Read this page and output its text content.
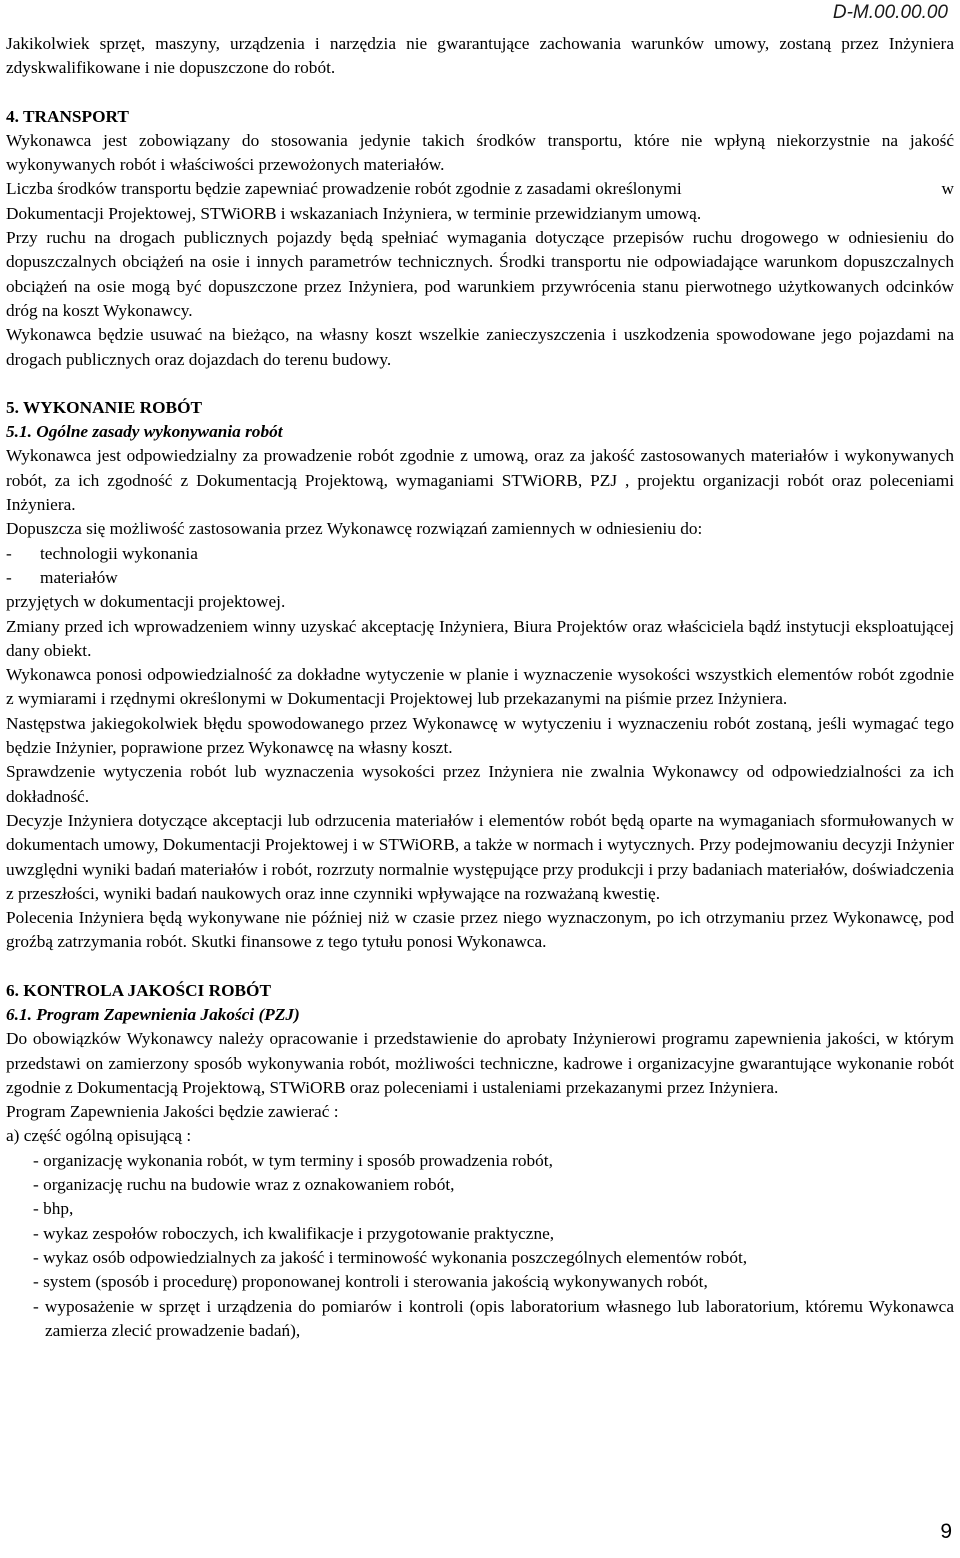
D-M.00.00.00

Jakikolwiek sprzęt, maszyny, urządzenia i narzędzia nie gwarantujące zachowania warunków umowy, zostaną przez Inżyniera zdyskwalifikowane i nie dopuszczone do robót.

4. TRANSPORT

Wykonawca jest zobowiązany do stosowania jedynie takich środków transportu, które nie wpłyną niekorzystnie na jakość wykonywanych robót i właściwości przewożonych materiałów.

Liczba środków transportu będzie zapewniać prowadzenie robót zgodnie z zasadami określonymi	w

Dokumentacji Projektowej, STWiORB i wskazaniach Inżyniera, w terminie przewidzianym umową.

Przy ruchu na drogach publicznych pojazdy będą spełniać wymagania dotyczące przepisów ruchu drogowego w odniesieniu do dopuszczalnych obciążeń na osie i innych parametrów technicznych. Środki transportu nie odpowiadające warunkom dopuszczalnych obciążeń na osie mogą być dopuszczone przez Inżyniera, pod warunkiem przywrócenia stanu pierwotnego użytkowanych odcinków dróg na koszt Wykonawcy.

Wykonawca będzie usuwać na bieżąco, na własny koszt wszelkie zanieczyszczenia i uszkodzenia spowodowane jego pojazdami na drogach publicznych oraz dojazdach do terenu budowy.

5. WYKONANIE ROBÓT

5.1. Ogólne zasady wykonywania robót

Wykonawca jest odpowiedzialny za prowadzenie robót zgodnie z umową, oraz za jakość zastosowanych materiałów i wykonywanych robót, za ich zgodność z Dokumentacją Projektową, wymaganiami STWiORB, PZJ , projektu organizacji robót oraz poleceniami Inżyniera.

Dopuszcza się możliwość zastosowania przez Wykonawcę rozwiązań zamiennych w odniesieniu do:

-	technologii wykonania
-	materiałów

przyjętych w dokumentacji projektowej.

Zmiany przed ich wprowadzeniem winny uzyskać akceptację Inżyniera, Biura Projektów oraz właściciela bądź instytucji eksploatującej dany obiekt.

Wykonawca ponosi odpowiedzialność za dokładne wytyczenie w planie i wyznaczenie wysokości wszystkich elementów robót zgodnie z wymiarami i rzędnymi określonymi w Dokumentacji Projektowej lub przekazanymi na piśmie przez Inżyniera.

Następstwa jakiegokolwiek błędu spowodowanego przez Wykonawcę w wytyczeniu i wyznaczeniu robót zostaną, jeśli wymagać tego będzie Inżynier, poprawione przez Wykonawcę na własny koszt.

Sprawdzenie wytyczenia robót lub wyznaczenia wysokości przez Inżyniera nie zwalnia Wykonawcy od odpowiedzialności za ich dokładność.

Decyzje Inżyniera dotyczące akceptacji lub odrzucenia materiałów i elementów robót będą oparte na wymaganiach sformułowanych w dokumentach umowy, Dokumentacji Projektowej i w STWiORB, a także w normach i wytycznych. Przy podejmowaniu decyzji Inżynier uwzględni wyniki badań materiałów i robót, rozrzuty normalnie występujące przy produkcji i przy badaniach materiałów, doświadczenia z przeszłości, wyniki badań naukowych oraz inne czynniki wpływające na rozważaną kwestię.

Polecenia Inżyniera będą wykonywane nie później niż w czasie przez niego wyznaczonym, po ich otrzymaniu przez Wykonawcę, pod groźbą zatrzymania robót. Skutki finansowe z tego tytułu ponosi Wykonawca.

6. KONTROLA JAKOŚCI ROBÓT

6.1. Program Zapewnienia Jakości (PZJ)

Do obowiązków Wykonawcy należy opracowanie i przedstawienie do aprobaty Inżynierowi programu zapewnienia jakości, w którym przedstawi on zamierzony sposób wykonywania robót, możliwości techniczne, kadrowe i organizacyjne gwarantujące wykonanie robót zgodnie z Dokumentacją Projektową, STWiORB oraz poleceniami i ustaleniami przekazanymi przez Inżyniera.

Program Zapewnienia Jakości będzie zawierać :

a) część ogólną opisującą :

- organizację wykonania robót, w tym terminy i sposób prowadzenia robót,
- organizację ruchu na budowie wraz z oznakowaniem robót,
- bhp,
- wykaz zespołów roboczych, ich kwalifikacje i przygotowanie praktyczne,
- wykaz osób odpowiedzialnych za jakość i terminowość wykonania poszczególnych elementów robót,
- system (sposób i procedurę) proponowanej kontroli i sterowania jakością wykonywanych robót,
- wyposażenie w sprzęt i urządzenia do pomiarów i kontroli (opis laboratorium własnego lub laboratorium, któremu Wykonawca zamierza zlecić prowadzenie badań),
9
